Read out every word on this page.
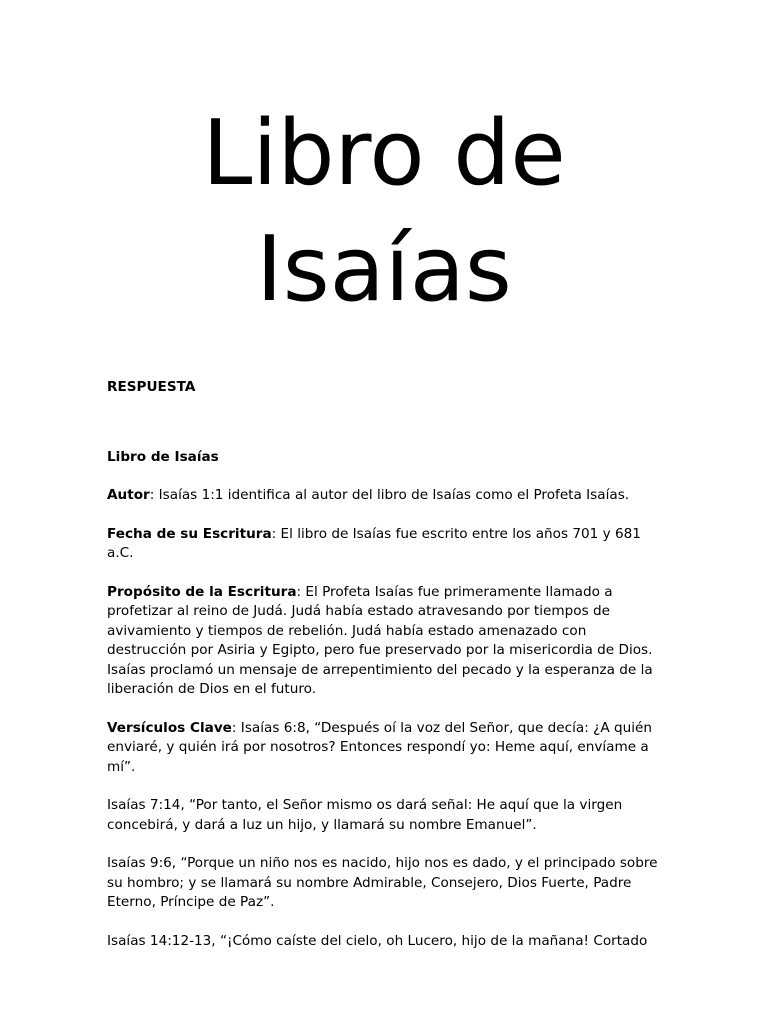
Libro de
Isaías

RESPUESTA

Libro de Isaías

Autor: Isaías 1:1 identifica al autor del libro de Isaías como el Profeta Isaías.

Fecha de su Escritura: El libro de Isaías fue escrito entre los años 701 y 681 a.C.

Propósito de la Escritura: El Profeta Isaías fue primeramente llamado a profetizar al reino de Judá. Judá había estado atravesando por tiempos de avivamiento y tiempos de rebelión. Judá había estado amenazado con destrucción por Asiria y Egipto, pero fue preservado por la misericordia de Dios. Isaías proclamó un mensaje de arrepentimiento del pecado y la esperanza de la liberación de Dios en el futuro.

Versículos Clave: Isaías 6:8, “Después oí la voz del Señor, que decía: ¿A quién enviaré, y quién irá por nosotros? Entonces respondí yo: Heme aquí, envíame a mí”.

Isaías 7:14, “Por tanto, el Señor mismo os dará señal: He aquí que la virgen concebirá, y dará a luz un hijo, y llamará su nombre Emanuel”.

Isaías 9:6, “Porque un niño nos es nacido, hijo nos es dado, y el principado sobre su hombro; y se llamará su nombre Admirable, Consejero, Dios Fuerte, Padre Eterno, Príncipe de Paz”.

Isaías 14:12-13, “¡Cómo caíste del cielo, oh Lucero, hijo de la mañana! Cortado
